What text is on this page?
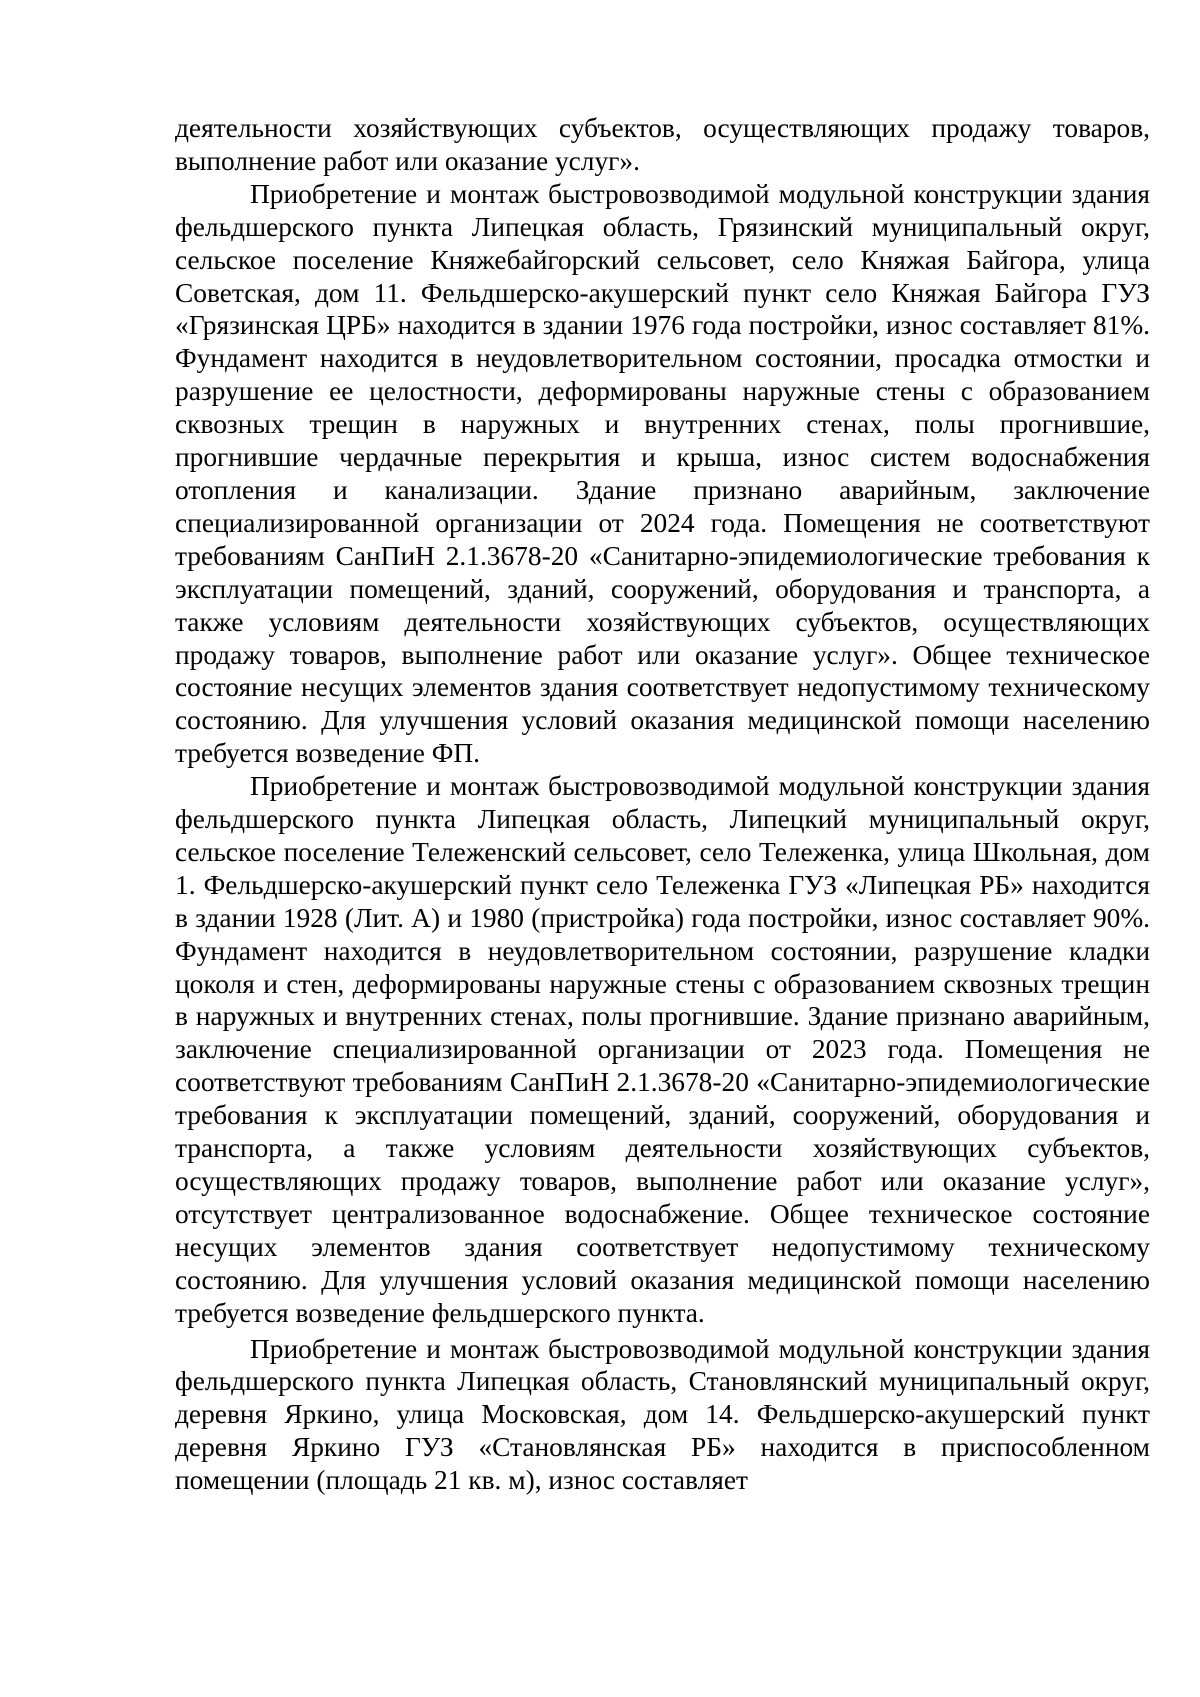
деятельности хозяйствующих субъектов, осуществляющих продажу товаров, выполнение работ или оказание услуг».

Приобретение и монтаж быстровозводимой модульной конструкции здания фельдшерского пункта Липецкая область, Грязинский муниципальный округ, сельское поселение Княжебайгорский сельсовет, село Княжая Байгора, улица Советская, дом 11. Фельдшерско-акушерский пункт село Княжая Байгора ГУЗ «Грязинская ЦРБ» находится в здании 1976 года постройки, износ составляет 81%. Фундамент находится в неудовлетворительном состоянии, просадка отмостки и разрушение ее целостности, деформированы наружные стены с образованием сквозных трещин в наружных и внутренних стенах, полы прогнившие, прогнившие чердачные перекрытия и крыша, износ систем водоснабжения отопления и канализации. Здание признано аварийным, заключение специализированной организации от 2024 года. Помещения не соответствуют требованиям СанПиН 2.1.3678-20 «Санитарно-эпидемиологические требования к эксплуатации помещений, зданий, сооружений, оборудования и транспорта, а также условиям деятельности хозяйствующих субъектов, осуществляющих продажу товаров, выполнение работ или оказание услуг». Общее техническое состояние несущих элементов здания соответствует недопустимому техническому состоянию. Для улучшения условий оказания медицинской помощи населению требуется возведение ФП.

Приобретение и монтаж быстровозводимой модульной конструкции здания фельдшерского пункта Липецкая область, Липецкий муниципальный округ, сельское поселение Тележенский сельсовет, село Тележенка, улица Школьная, дом 1. Фельдшерско-акушерский пункт село Тележенка ГУЗ «Липецкая РБ» находится в здании 1928 (Лит. А) и 1980 (пристройка) года постройки, износ составляет 90%. Фундамент находится в неудовлетворительном состоянии, разрушение кладки цоколя и стен, деформированы наружные стены с образованием сквозных трещин в наружных и внутренних стенах, полы прогнившие. Здание признано аварийным, заключение специализированной организации от 2023 года. Помещения не соответствуют требованиям СанПиН 2.1.3678-20 «Санитарно-эпидемиологические требования к эксплуатации помещений, зданий, сооружений, оборудования и транспорта, а также условиям деятельности хозяйствующих субъектов, осуществляющих продажу товаров, выполнение работ или оказание услуг», отсутствует централизованное водоснабжение. Общее техническое состояние несущих элементов здания соответствует недопустимому техническому состоянию. Для улучшения условий оказания медицинской помощи населению требуется возведение фельдшерского пункта.

Приобретение и монтаж быстровозводимой модульной конструкции здания фельдшерского пункта Липецкая область, Становлянский муниципальный округ, деревня Яркино, улица Московская, дом 14. Фельдшерско-акушерский пункт деревня Яркино ГУЗ «Становлянская РБ» находится в приспособленном помещении (площадь 21 кв. м), износ составляет
